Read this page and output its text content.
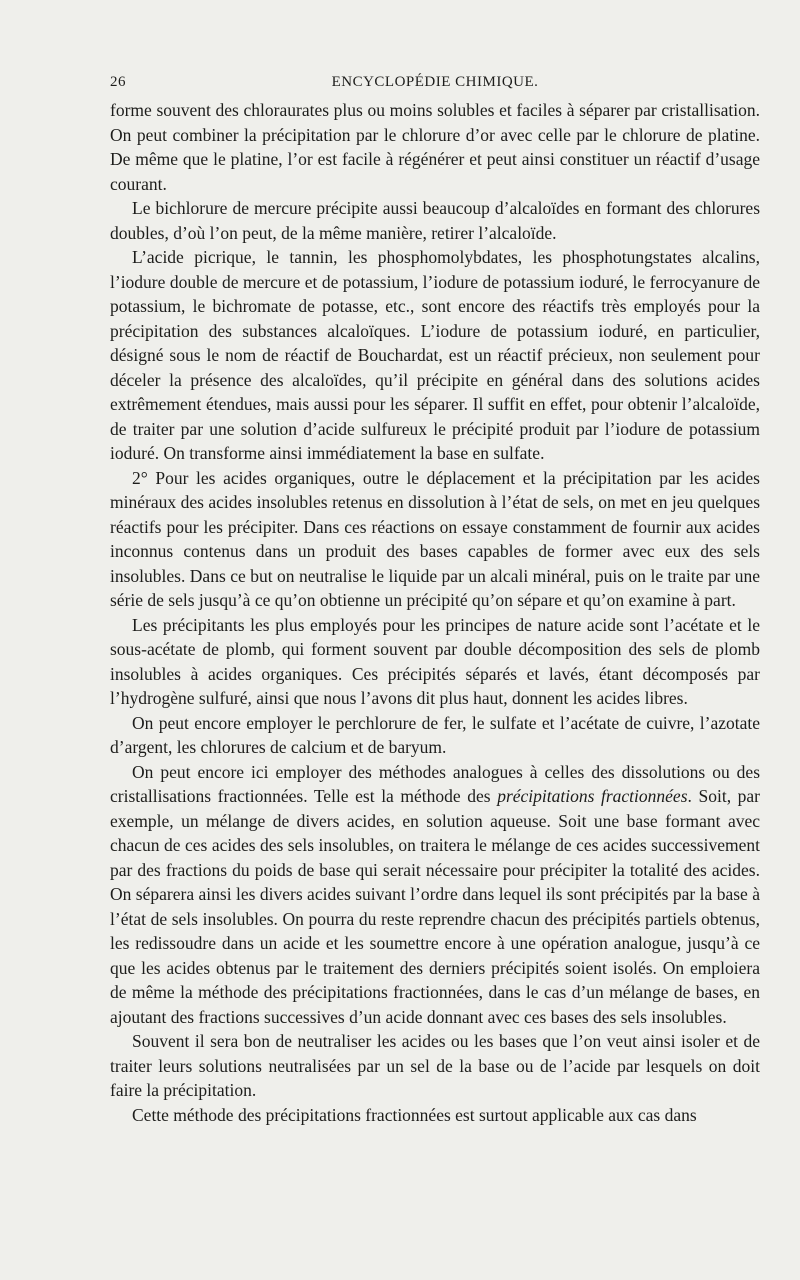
26	ENCYCLOPÉDIE CHIMIQUE.

forme souvent des chloraurates plus ou moins solubles et faciles à séparer par cristallisation. On peut combiner la précipitation par le chlorure d’or avec celle par le chlorure de platine. De même que le platine, l’or est facile à régénérer et peut ainsi constituer un réactif d’usage courant.

Le bichlorure de mercure précipite aussi beaucoup d’alcaloïdes en formant des chlorures doubles, d’où l’on peut, de la même manière, retirer l’alcaloïde.

L’acide picrique, le tannin, les phosphomolybdates, les phosphotungstates alcalins, l’iodure double de mercure et de potassium, l’iodure de potassium ioduré, le ferrocyanure de potassium, le bichromate de potasse, etc., sont encore des réactifs très employés pour la précipitation des substances alcaloïques. L’iodure de potassium ioduré, en particulier, désigné sous le nom de réactif de Bouchardat, est un réactif précieux, non seulement pour déceler la présence des alcaloïdes, qu’il précipite en général dans des solutions acides extrêmement étendues, mais aussi pour les séparer. Il suffit en effet, pour obtenir l’alcaloïde, de traiter par une solution d’acide sulfureux le précipité produit par l’iodure de potassium ioduré. On transforme ainsi immédiatement la base en sulfate.

2° Pour les acides organiques, outre le déplacement et la précipitation par les acides minéraux des acides insolubles retenus en dissolution à l’état de sels, on met en jeu quelques réactifs pour les précipiter. Dans ces réactions on essaye constamment de fournir aux acides inconnus contenus dans un produit des bases capables de former avec eux des sels insolubles. Dans ce but on neutralise le liquide par un alcali minéral, puis on le traite par une série de sels jusqu’à ce qu’on obtienne un précipité qu’on sépare et qu’on examine à part.

Les précipitants les plus employés pour les principes de nature acide sont l’acétate et le sous-acétate de plomb, qui forment souvent par double décomposition des sels de plomb insolubles à acides organiques. Ces précipités séparés et lavés, étant décomposés par l’hydrogène sulfuré, ainsi que nous l’avons dit plus haut, donnent les acides libres.

On peut encore employer le perchlorure de fer, le sulfate et l’acétate de cuivre, l’azotate d’argent, les chlorures de calcium et de baryum.

On peut encore ici employer des méthodes analogues à celles des dissolutions ou des cristallisations fractionnées. Telle est la méthode des précipitations fractionnées. Soit, par exemple, un mélange de divers acides, en solution aqueuse. Soit une base formant avec chacun de ces acides des sels insolubles, on traitera le mélange de ces acides successivement par des fractions du poids de base qui serait nécessaire pour précipiter la totalité des acides. On séparera ainsi les divers acides suivant l’ordre dans lequel ils sont précipités par la base à l’état de sels insolubles. On pourra du reste reprendre chacun des précipités partiels obtenus, les redissoudre dans un acide et les soumettre encore à une opération analogue, jusqu’à ce que les acides obtenus par le traitement des derniers précipités soient isolés. On emploiera de même la méthode des précipitations fractionnées, dans le cas d’un mélange de bases, en ajoutant des fractions successives d’un acide donnant avec ces bases des sels insolubles.

Souvent il sera bon de neutraliser les acides ou les bases que l’on veut ainsi isoler et de traiter leurs solutions neutralisées par un sel de la base ou de l’acide par lesquels on doit faire la précipitation.

Cette méthode des précipitations fractionnées est surtout applicable aux cas dans
